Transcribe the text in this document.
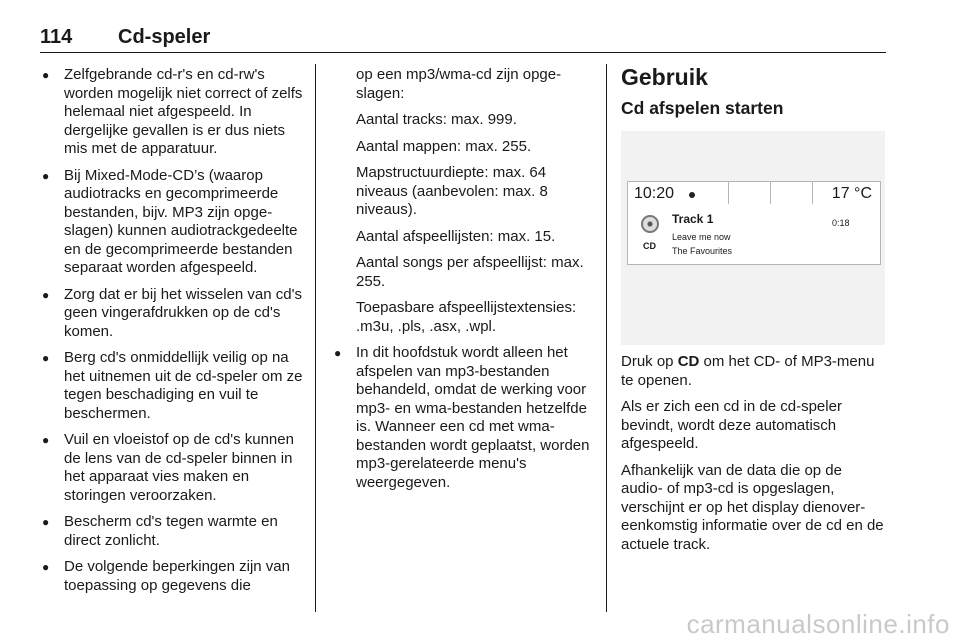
114 Cd-speler
● Zelfgebrande cd-r's en cd-rw's worden mogelijk niet correct of zelfs helemaal niet afgespeeld. In dergelijke gevallen is er dus niets mis met de apparatuur.
● Bij Mixed-Mode-CD’s (waarop audiotracks en gecomprimeerde bestanden, bijv. MP3 zijn opgeslagen) kunnen audiotrackgedeelte en de gecomprimeerde bestanden separaat worden afgespeeld.
● Zorg dat er bij het wisselen van cd's geen vingerafdrukken op de cd's komen.
● Berg cd's onmiddellijk veilig op na het uitnemen uit de cd-speler om ze tegen beschadiging en vuil te beschermen.
● Vuil en vloeistof op de cd's kunnen de lens van de cd-speler binnen in het apparaat vies maken en storingen veroorzaken.
● Bescherm cd's tegen warmte en direct zonlicht.
● De volgende beperkingen zijn van toepassing op gegevens die
op een mp3/wma-cd zijn opgeslagen:
Aantal tracks: max. 999.
Aantal mappen: max. 255.
Mapstructuurdiepte: max. 64 niveaus (aanbevolen: max. 8 niveaus).
Aantal afspeellijsten: max. 15.
Aantal songs per afspeellijst: max. 255.
Toepasbare afspeellijstextensies: .m3u, .pls, .asx, .wpl.
● In dit hoofdstuk wordt alleen het afspelen van mp3-bestanden behandeld, omdat de werking voor mp3- en wma-bestanden hetzelfde is. Wanneer een cd met wma-bestanden wordt geplaatst, worden mp3-gerelateerde menu's weergegeven.
Gebruik
Cd afspelen starten
10:20	17 °C
CD
Track 1
Leave me now
The Favourites
0:18
Druk op CD om het CD- of MP3-menu te openen.
Als er zich een cd in de cd-speler bevindt, wordt deze automatisch afgespeeld.
Afhankelijk van de data die op de audio- of mp3-cd is opgeslagen, verschijnt er op het display dienovereenkomstig informatie over de cd en de actuele track.
carmanualsonline.info
